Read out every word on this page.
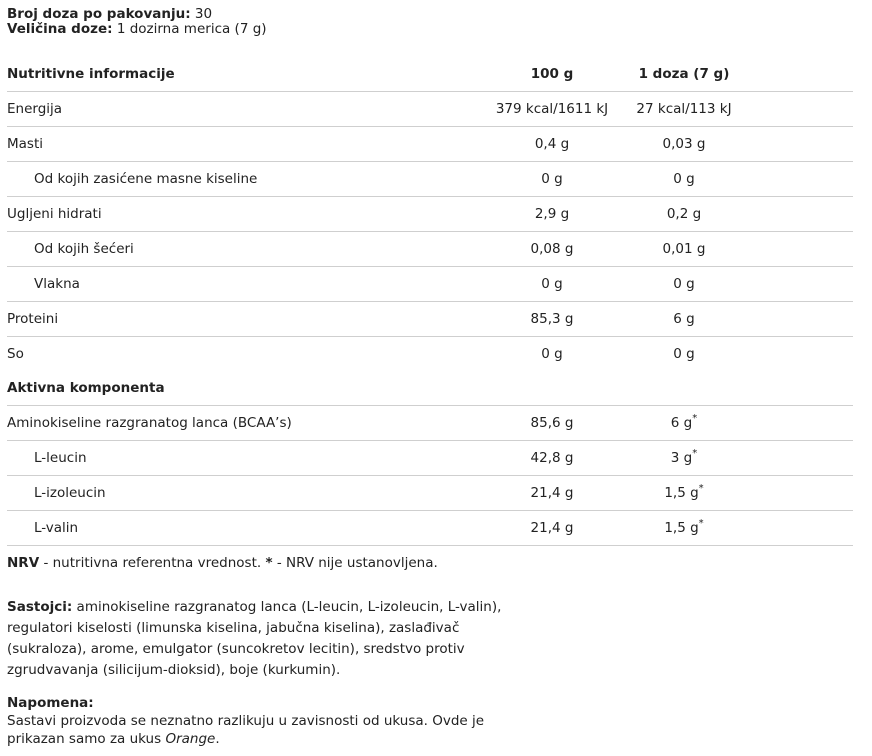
Broj doza po pakovanju: 30
Veličina doze: 1 dozirna merica (7 g)
Nutritivne informacije	100 g	1 doza (7 g)	
Energija	379 kcal/1611 kJ	27 kcal/113 kJ	
Masti	0,4 g	0,03 g	
Od kojih zasićene masne kiseline	0 g	0 g	
Ugljeni hidrati	2,9 g	0,2 g	
Od kojih šećeri	0,08 g	0,01 g	
Vlakna	0 g	0 g	
Proteini	85,3 g	6 g	
So	0 g	0 g	
Aktivna komponenta			
Aminokiseline razgranatog lanca (BCAA’s)	85,6 g	6 g*	
L-leucin	42,8 g	3 g*	
L-izoleucin	21,4 g	1,5 g*	
L-valin	21,4 g	1,5 g*	
NRV - nutritivna referentna vrednost. * - NRV nije ustanovljena.
Sastojci: aminokiseline razgranatog lanca (L-leucin, L-izoleucin, L-valin), regulatori kiselosti (limunska kiselina, jabučna kiselina), zaslađivač (sukraloza), arome, emulgator (suncokretov lecitin), sredstvo protiv zgrudvavanja (silicijum-dioksid), boje (kurkumin).
Napomena:
Sastavi proizvoda se neznatno razlikuju u zavisnosti od ukusa. Ovde je prikazan samo za ukus Orange.
